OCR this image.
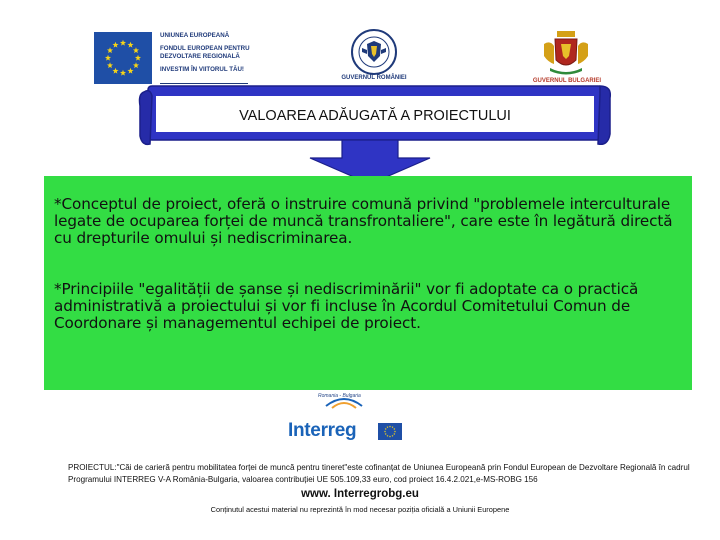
UNIUNEA EUROPEANĂ
FONDUL EUROPEAN PENTRU
DEZVOLTARE REGIONALĂ
INVESTIM ÎN VIITORUL TĂU!
GUVERNUL ROMÂNIEI	GUVERNUL BULGARIEI
VALOAREA ADĂUGATĂ A PROIECTULUI
*Conceptul de proiect, oferă o instruire comună privind "problemele interculturale legate de ocuparea forței de muncă transfrontaliere", care este în legătură directă cu drepturile omului și nediscriminarea.
*Principiile "egalității de șanse și nediscriminării" vor fi adoptate ca o practică administrativă a proiectului și vor fi incluse în Acordul Comitetului Comun de Coordonare și managementul echipei de proiect.
Romania - Bulgaria
Interreg
PROIECTUL:"Căi de carieră pentru mobilitatea forței de muncă pentru tineret"este cofinanțat de Uniunea Europeană prin Fondul European de Dezvoltare Regională în cadrul Programului INTERREG V-A România-Bulgaria, valoarea contribuției UE 505.109,33 euro, cod proiect 16.4.2.021,e-MS-ROBG 156
www. Interregrobg.eu
Conținutul acestui material nu reprezintă în mod necesar poziția oficială a Uniunii Europene
